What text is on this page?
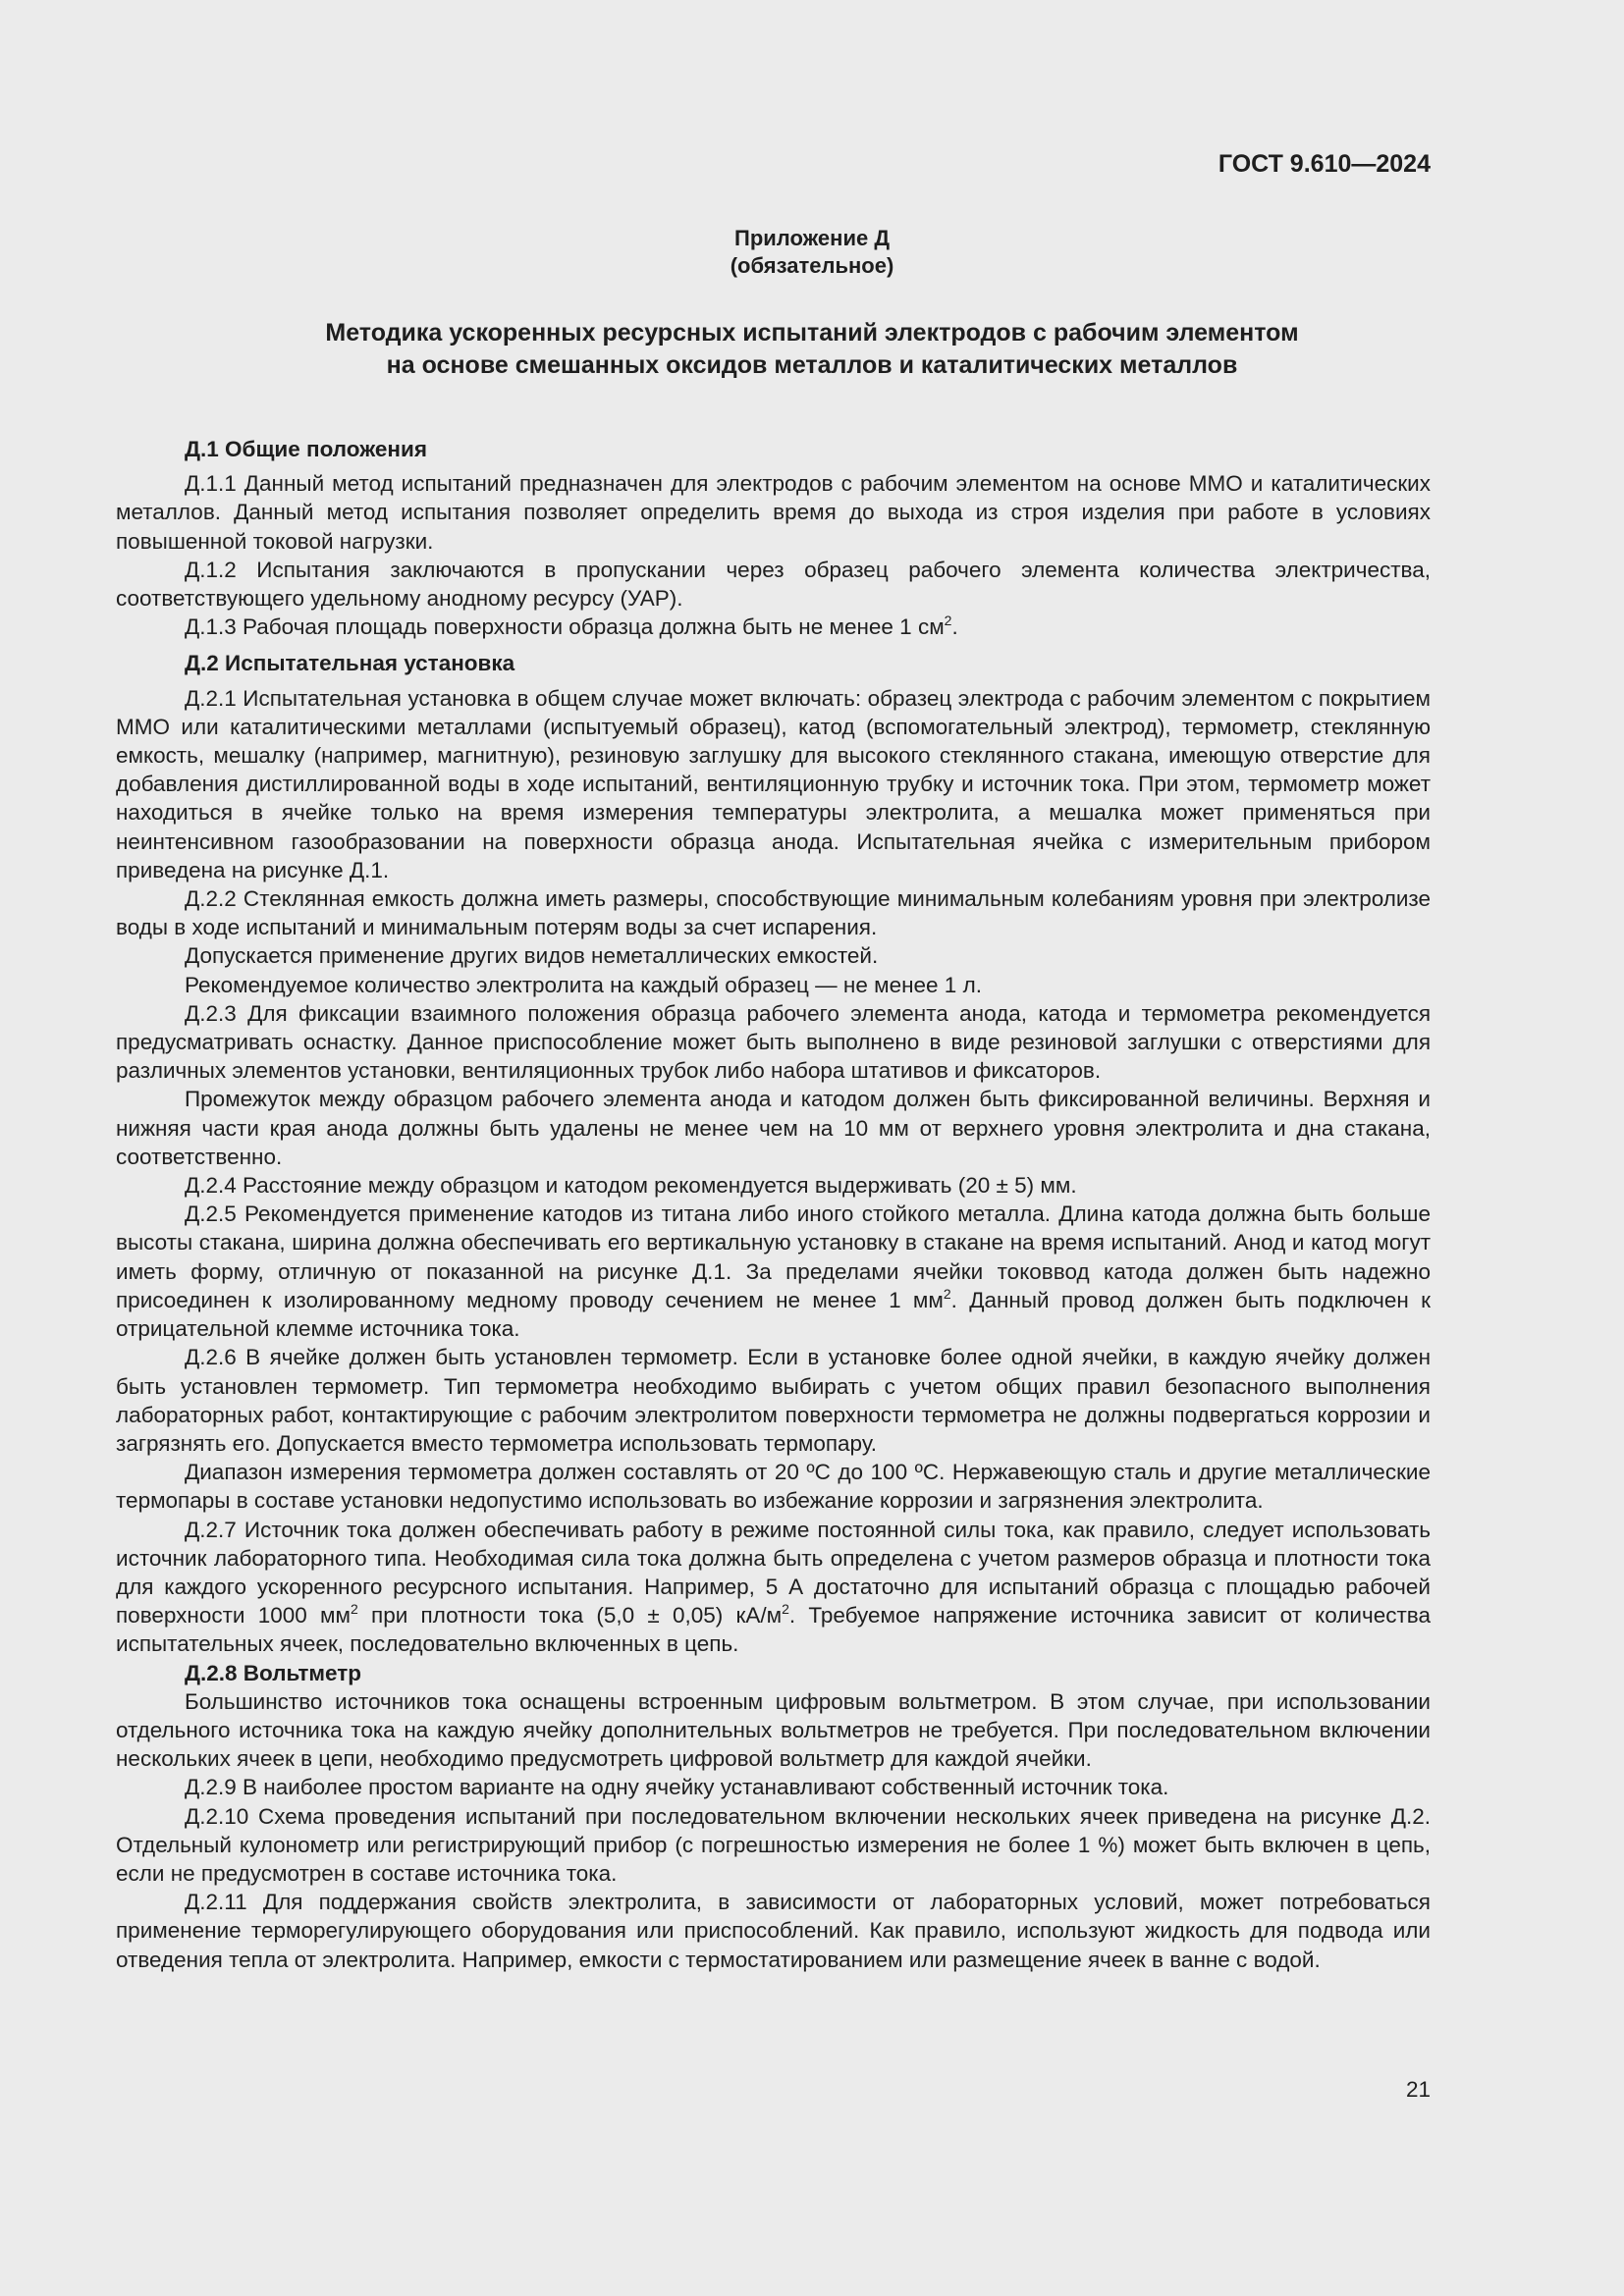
ГОСТ 9.610—2024
Приложение Д
(обязательное)
Методика ускоренных ресурсных испытаний электродов с рабочим элементом
на основе смешанных оксидов металлов и каталитических металлов
Д.1 Общие положения

Д.1.1 Данный метод испытаний предназначен для электродов с рабочим элементом на основе ММО и каталитических металлов. Данный метод испытания позволяет определить время до выхода из строя изделия при работе в условиях повышенной токовой нагрузки.

Д.1.2 Испытания заключаются в пропускании через образец рабочего элемента количества электричества, соответствующего удельному анодному ресурсу (УАР).

Д.1.3 Рабочая площадь поверхности образца должна быть не менее 1 $см^2$.

Д.2 Испытательная установка

Д.2.1 Испытательная установка в общем случае может включать: образец электрода с рабочим элементом с покрытием ММО или каталитическими металлами (испытуемый образец), катод (вспомогательный электрод), термометр, стеклянную емкость, мешалку (например, магнитную), резиновую заглушку для высокого стеклянного стакана, имеющую отверстие для добавления дистиллированной воды в ходе испытаний, вентиляционную трубку и источник тока. При этом, термометр может находиться в ячейке только на время измерения температуры электролита, а мешалка может применяться при неинтенсивном газообразовании на поверхности образца анода. Испытательная ячейка с измерительным прибором приведена на рисунке Д.1.

Д.2.2 Стеклянная емкость должна иметь размеры, способствующие минимальным колебаниям уровня при электролизе воды в ходе испытаний и минимальным потерям воды за счет испарения.

Допускается применение других видов неметаллических емкостей.

Рекомендуемое количество электролита на каждый образец — не менее 1 л.

Д.2.3 Для фиксации взаимного положения образца рабочего элемента анода, катода и термометра рекомендуется предусматривать оснастку. Данное приспособление может быть выполнено в виде резиновой заглушки с отверстиями для различных элементов установки, вентиляционных трубок либо набора штативов и фиксаторов.

Промежуток между образцом рабочего элемента анода и катодом должен быть фиксированной величины. Верхняя и нижняя части края анода должны быть удалены не менее чем на 10 мм от верхнего уровня электролита и дна стакана, соответственно.

Д.2.4 Расстояние между образцом и катодом рекомендуется выдерживать (20 ± 5) мм.

Д.2.5 Рекомендуется применение катодов из титана либо иного стойкого металла. Длина катода должна быть больше высоты стакана, ширина должна обеспечивать его вертикальную установку в стакане на время испытаний. Анод и катод могут иметь форму, отличную от показанной на рисунке Д.1. За пределами ячейки токоввод катода должен быть надежно присоединен к изолированному медному проводу сечением не менее 1 $мм^2$. Данный провод должен быть подключен к отрицательной клемме источника тока.

Д.2.6 В ячейке должен быть установлен термометр. Если в установке более одной ячейки, в каждую ячейку должен быть установлен термометр. Тип термометра необходимо выбирать с учетом общих правил безопасного выполнения лабораторных работ, контактирующие с рабочим электролитом поверхности термометра не должны подвергаться коррозии и загрязнять его. Допускается вместо термометра использовать термопару.

Диапазон измерения термометра должен составлять от 20 ºС до 100 ºС. Нержавеющую сталь и другие металлические термопары в составе установки недопустимо использовать во избежание коррозии и загрязнения электролита.

Д.2.7 Источник тока должен обеспечивать работу в режиме постоянной силы тока, как правило, следует использовать источник лабораторного типа. Необходимая сила тока должна быть определена с учетом размеров образца и плотности тока для каждого ускоренного ресурсного испытания. Например, 5 А достаточно для испытаний образца с площадью рабочей поверхности 1000 $мм^2$ при плотности тока (5,0 ± 0,05) $кА/м^2$. Требуемое напряжение источника зависит от количества испытательных ячеек, последовательно включенных в цепь.

Д.2.8 Вольтметр

Большинство источников тока оснащены встроенным цифровым вольтметром. В этом случае, при использовании отдельного источника тока на каждую ячейку дополнительных вольтметров не требуется. При последовательном включении нескольких ячеек в цепи, необходимо предусмотреть цифровой вольтметр для каждой ячейки.

Д.2.9 В наиболее простом варианте на одну ячейку устанавливают собственный источник тока.

Д.2.10 Схема проведения испытаний при последовательном включении нескольких ячеек приведена на рисунке Д.2. Отдельный кулонометр или регистрирующий прибор (с погрешностью измерения не более 1 %) может быть включен в цепь, если не предусмотрен в составе источника тока.

Д.2.11 Для поддержания свойств электролита, в зависимости от лабораторных условий, может потребоваться применение терморегулирующего оборудования или приспособлений. Как правило, используют жидкость для подвода или отведения тепла от электролита. Например, емкости с термостатированием или размещение ячеек в ванне с водой.

21
